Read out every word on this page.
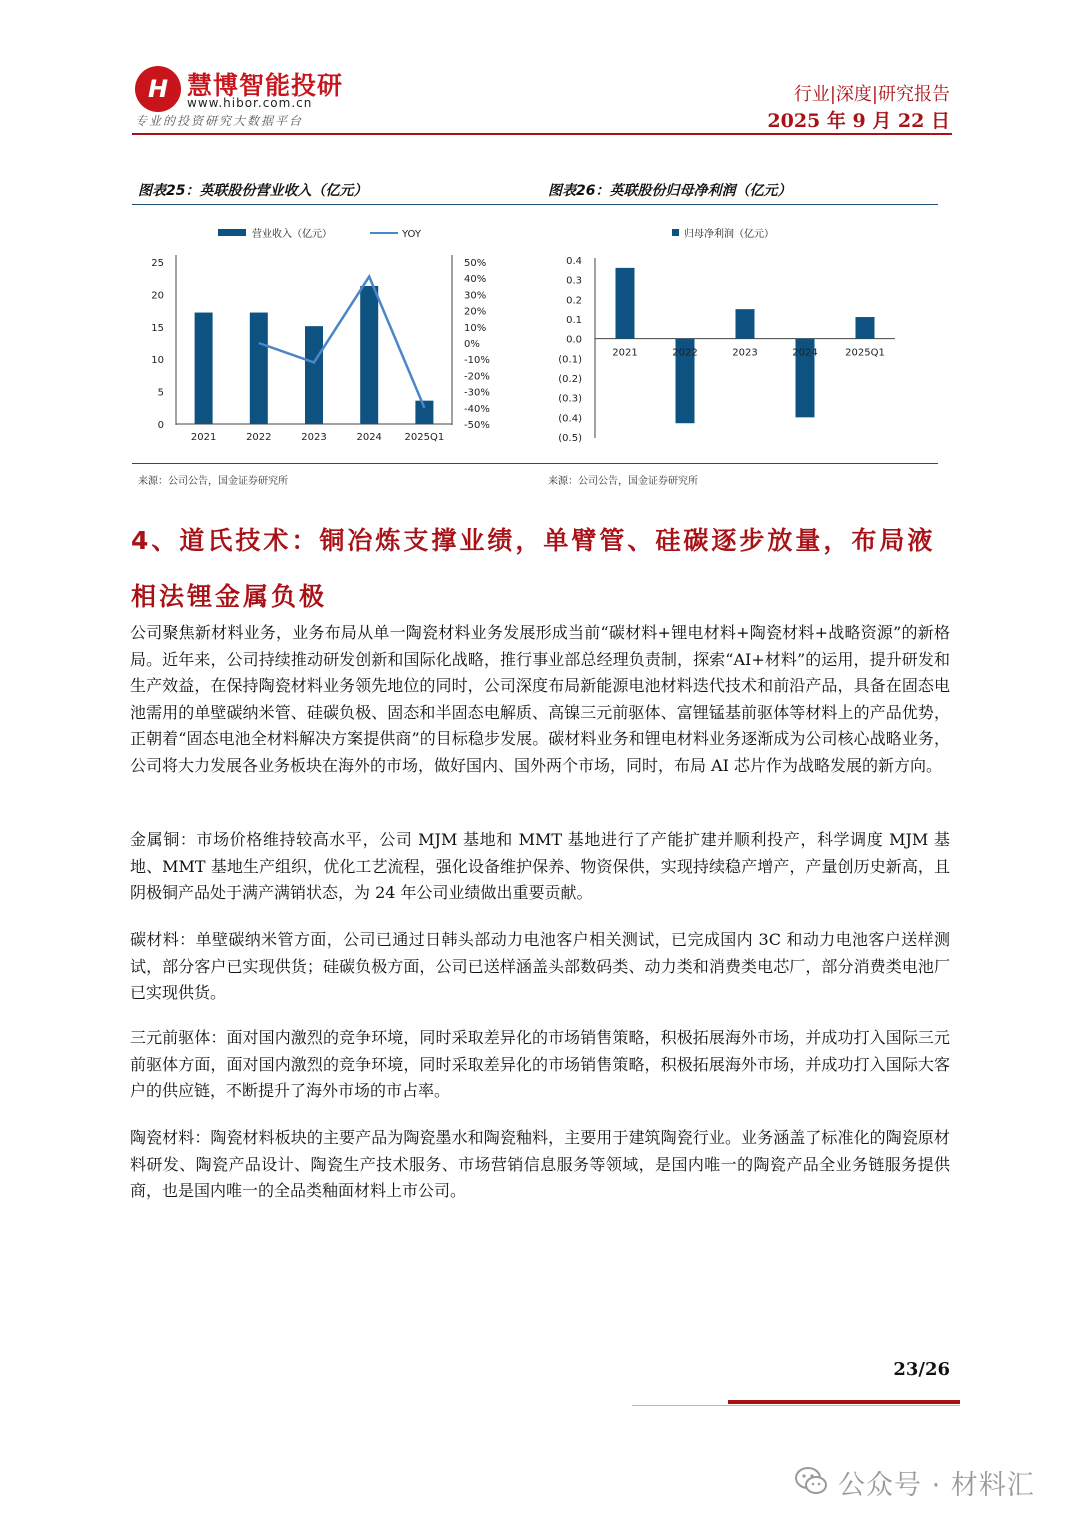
H 慧博智能投研
www.hibor.com.cn
专业的投资研究大数据平台
行业|深度|研究报告
2025 年 9 月 22 日
图表25：英联股份营业收入（亿元）	图表26：英联股份归母净利润（亿元）
营业收入（亿元）	YOY
0
5
10
15
20
25
-50%
-40%
-30%
-20%
-10%
0%
10%
20%
30%
40%
50%
2021	2022	2023	2024 2025Q1
归母净利润（亿元）
0.4
0.3
0.2
0.1
0.0
(0.1)
(0.2)
(0.3)
(0.4)
(0.5)
2021	2022	2023	2024	2025Q1
来源：公司公告，国金证券研究所	来源：公司公告，国金证券研究所
4、道氏技术：铜冶炼支撑业绩，单臂管、硅碳逐步放量，布局液相法锂金属负极

公司聚焦新材料业务，业务布局从单一陶瓷材料业务发展形成当前“碳材料+锂电材料+陶瓷材料+战略资源”的新格局。近年来，公司持续推动研发创新和国际化战略，推行事业部总经理负责制，探索“AI+材料”的运用，提升研发和生产效益，在保持陶瓷材料业务领先地位的同时，公司深度布局新能源电池材料迭代技术和前沿产品，具备在固态电池需用的单壁碳纳米管、硅碳负极、固态和半固态电解质、高镍三元前驱体、富锂锰基前驱体等材料上的产品优势，正朝着“固态电池全材料解决方案提供商”的目标稳步发展。碳材料业务和锂电材料业务逐渐成为公司核心战略业务，公司将大力发展各业务板块在海外的市场，做好国内、国外两个市场，同时，布局 AI 芯片作为战略发展的新方向。

金属铜：市场价格维持较高水平，公司 MJM 基地和 MMT 基地进行了产能扩建并顺利投产，科学调度 MJM 基地、MMT 基地生产组织，优化工艺流程，强化设备维护保养、物资保供，实现持续稳产增产，产量创历史新高，且阴极铜产品处于满产满销状态，为 24 年公司业绩做出重要贡献。

碳材料：单壁碳纳米管方面，公司已通过日韩头部动力电池客户相关测试，已完成国内 3C 和动力电池客户送样测试，部分客户已实现供货；硅碳负极方面，公司已送样涵盖头部数码类、动力类和消费类电芯厂，部分消费类电池厂已实现供货。

三元前驱体：面对国内激烈的竞争环境，同时采取差异化的市场销售策略，积极拓展海外市场，并成功打入国际三元前驱体方面，面对国内激烈的竞争环境，同时采取差异化的市场销售策略，积极拓展海外市场，并成功打入国际大客户的供应链，不断提升了海外市场的市占率。

陶瓷材料：陶瓷材料板块的主要产品为陶瓷墨水和陶瓷釉料，主要用于建筑陶瓷行业。业务涵盖了标准化的陶瓷原材料研发、陶瓷产品设计、陶瓷生产技术服务、市场营销信息服务等领域，是国内唯一的陶瓷产品全业务链服务提供商，也是国内唯一的全品类釉面材料上市公司。

23/26
公众号 · 材料汇
